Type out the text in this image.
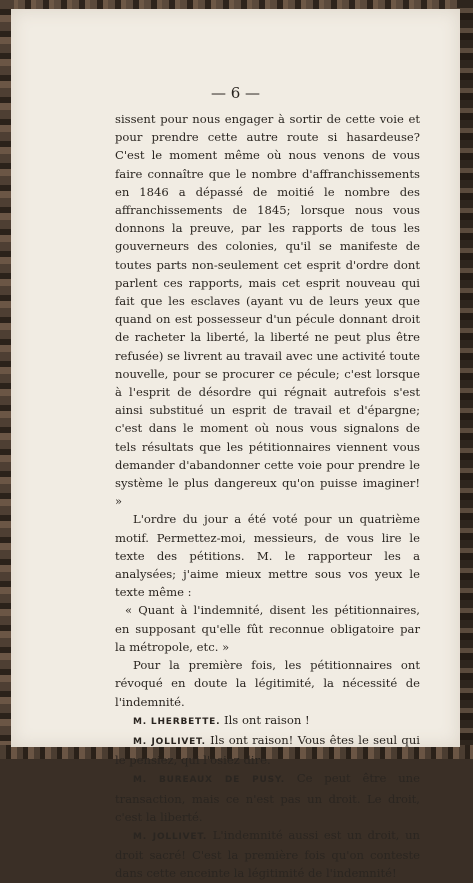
— 6 —

sissent pour nous engager à sortir de cette voie et pour prendre cette autre route si hasardeuse? C'est le moment même où nous venons de vous faire connaître que le nombre d'affranchissements en 1846 a dépassé de moitié le nombre des affranchissements de 1845; lorsque nous vous donnons la preuve, par les rapports de tous les gouverneurs des colonies, qu'il se manifeste de toutes parts non-seulement cet esprit d'ordre dont parlent ces rapports, mais cet esprit nouveau qui fait que les esclaves (ayant vu de leurs yeux que quand on est possesseur d'un pécule donnant droit de racheter la liberté, la liberté ne peut plus être refusée) se livrent au travail avec une activité toute nouvelle, pour se procurer ce pécule; c'est lorsque à l'esprit de désordre qui régnait autrefois s'est ainsi substitué un esprit de travail et d'épargne; c'est dans le moment où nous vous signalons de tels résultats que les pétitionnaires viennent vous demander d'abandonner cette voie pour prendre le système le plus dangereux qu'on puisse imaginer! »

L'ordre du jour a été voté pour un quatrième motif. Permettez-moi, messieurs, de vous lire le texte des pétitions. M. le rapporteur les a analysées; j'aime mieux mettre sous vos yeux le texte même :

« Quant à l'indemnité, disent les pétitionnaires, en supposant qu'elle fût reconnue obligatoire par la métropole, etc. »

Pour la première fois, les pétitionnaires ont révoqué en doute la légitimité, la nécessité de l'indemnité.

M. LHERBETTE. Ils ont raison !

M. JOLLIVET. Ils ont raison! Vous êtes le seul qui le pensiez, qui l'osiez dire.

M. BUREAUX DE PUSY. Ce peut être une transaction, mais ce n'est pas un droit. Le droit, c'est la liberté.

M. JOLLIVET. L'indemnité aussi est un droit, un droit sacré! C'est la première fois qu'on conteste dans cette enceinte la légitimité de l'indemnité!
